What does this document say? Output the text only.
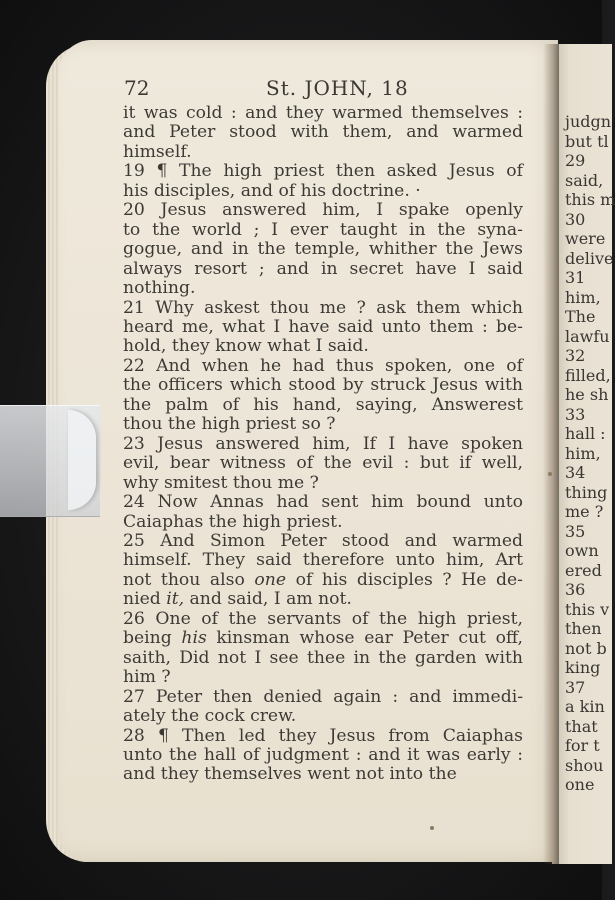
72	St. JOHN, 18
it was cold : and they warmed themselves :
and Peter stood with them, and warmed
himself.
19 ¶ The high priest then asked Jesus of
his disciples, and of his doctrine. ·
20 Jesus answered him, I spake openly
to the world ; I ever taught in the syna-
gogue, and in the temple, whither the Jews
always resort ; and in secret have I said
nothing.
21 Why askest thou me ? ask them which
heard me, what I have said unto them : be-
hold, they know what I said.
22 And when he had thus spoken, one of
the officers which stood by struck Jesus with
the palm of his hand, saying, Answerest
thou the high priest so ?
23 Jesus answered him, If I have spoken
evil, bear witness of the evil : but if well,
why smitest thou me ?
24 Now Annas had sent him bound unto
Caiaphas the high priest.
25 And Simon Peter stood and warmed
himself. They said therefore unto him, Art
not thou also one of his disciples ? He de-
nied it, and said, I am not.
26 One of the servants of the high priest,
being his kinsman whose ear Peter cut off,
saith, Did not I see thee in the garden with
him ?
27 Peter then denied again : and immedi-
ately the cock crew.
28 ¶ Then led they Jesus from Caiaphas
unto the hall of judgment : and it was early :
and they themselves went not into the
judgn
but tl
29
said,
this m
30
were
delive
31
him,
The
lawfu
32
filled,
he sh
33
hall :
him,
34
thing
me ?
35
own
ered
36
this v
then
not b
king
37
a kin
that
for t
shou
one
